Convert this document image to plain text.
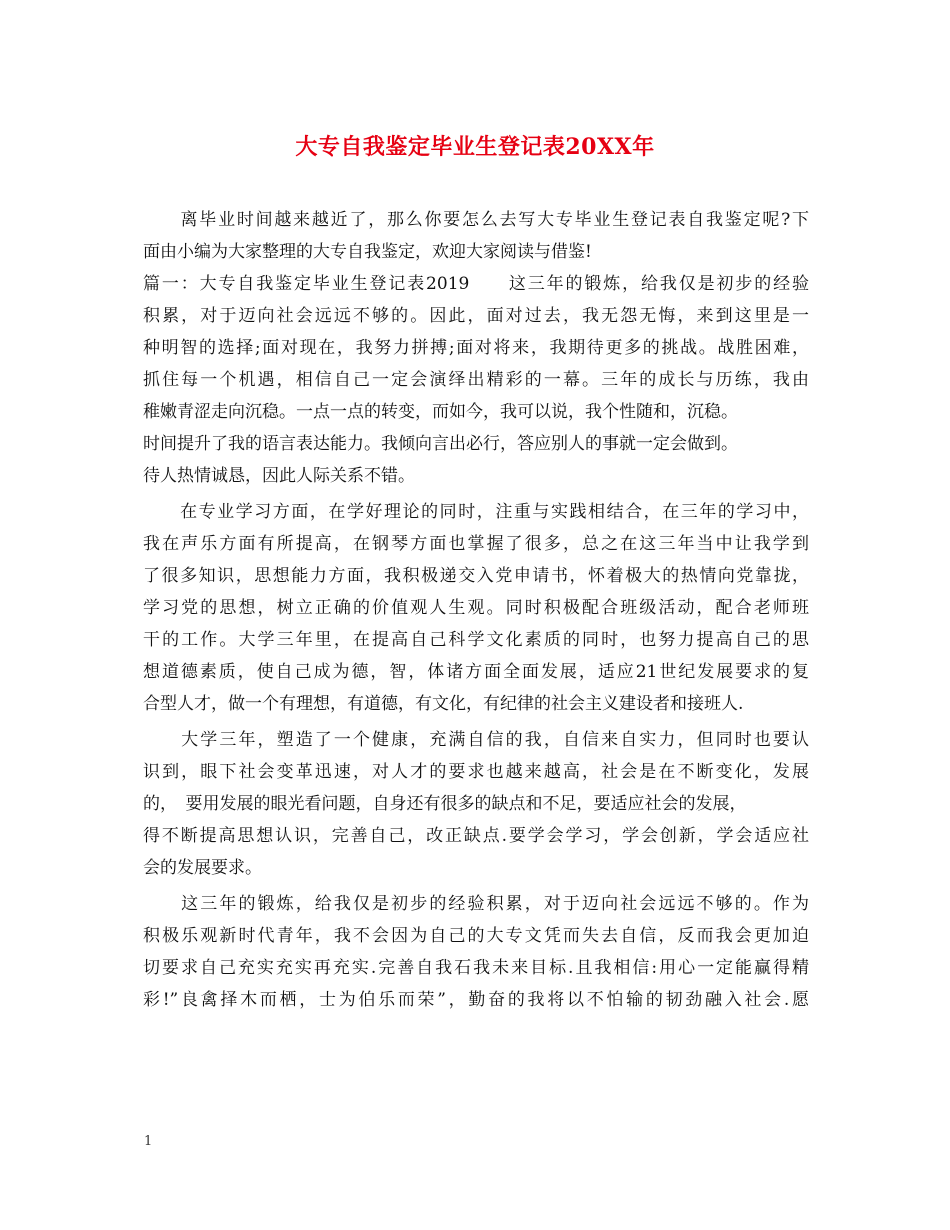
大专自我鉴定毕业生登记表20XX年
　　离毕业时间越来越近了，那么你要怎么去写大专毕业生登记表自我鉴定呢?下
面由小编为大家整理的大专自我鉴定，欢迎大家阅读与借鉴!
篇一：大专自我鉴定毕业生登记表2019　　这三年的锻炼，给我仅是初步的经验
积累，对于迈向社会远远不够的。因此，面对过去，我无怨无悔，来到这里是一
种明智的选择;面对现在，我努力拼搏;面对将来，我期待更多的挑战。战胜困难，
抓住每一个机遇，相信自己一定会演绎出精彩的一幕。三年的成长与历练，我由
稚嫩青涩走向沉稳。一点一点的转变，而如今，我可以说，我个性随和，沉稳。
时间提升了我的语言表达能力。我倾向言出必行，答应别人的事就一定会做到。
待人热情诚恳，因此人际关系不错。
　　在专业学习方面，在学好理论的同时，注重与实践相结合，在三年的学习中，
我在声乐方面有所提高，在钢琴方面也掌握了很多，总之在这三年当中让我学到
了很多知识，思想能力方面，我积极递交入党申请书，怀着极大的热情向党靠拢，
学习党的思想，树立正确的价值观人生观。同时积极配合班级活动，配合老师班
干的工作。大学三年里，在提高自己科学文化素质的同时，也努力提高自己的思
想道德素质，使自己成为德，智，体诸方面全面发展，适应21世纪发展要求的复
合型人才，做一个有理想，有道德，有文化，有纪律的社会主义建设者和接班人.
　　大学三年，塑造了一个健康，充满自信的我，自信来自实力，但同时也要认
识到，眼下社会变革迅速，对人才的要求也越来越高，社会是在不断变化，发展
的，　要用发展的眼光看问题，自身还有很多的缺点和不足，要适应社会的发展，
得不断提高思想认识，完善自己，改正缺点.要学会学习，学会创新，学会适应社
会的发展要求。
　　这三年的锻炼，给我仅是初步的经验积累，对于迈向社会远远不够的。作为
积极乐观新时代青年，我不会因为自己的大专文凭而失去自信，反而我会更加迫
切要求自己充实充实再充实.完善自我石我未来目标.且我相信:用心一定能赢得精
彩!”良禽择木而栖，士为伯乐而荣”，勤奋的我将以不怕输的韧劲融入社会.愿
1
